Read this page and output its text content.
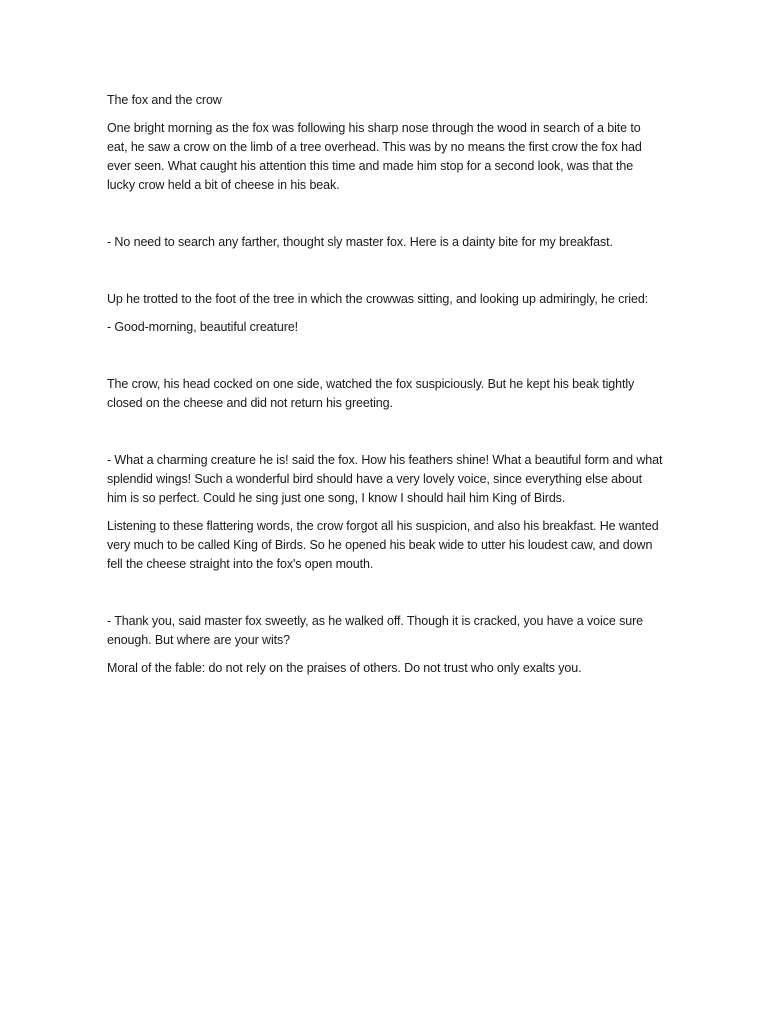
The fox and the crow

One bright morning as the fox was following his sharp nose through the wood in search of a bite to eat, he saw a crow on the limb of a tree overhead. This was by no means the first crow the fox had ever seen. What caught his attention this time and made him stop for a second look, was that the lucky crow held a bit of cheese in his beak.

- No need to search any farther, thought sly master fox. Here is a dainty bite for my breakfast.

Up he trotted to the foot of the tree in which the crowwas sitting, and looking up admiringly, he cried:

- Good-morning, beautiful creature!

The crow, his head cocked on one side, watched the fox suspiciously. But he kept his beak tightly closed on the cheese and did not return his greeting.

- What a charming creature he is! said the fox. How his feathers shine! What a beautiful form and what splendid wings! Such a wonderful bird should have a very lovely voice, since everything else about him is so perfect. Could he sing just one song, I know I should hail him King of Birds.

Listening to these flattering words, the crow forgot all his suspicion, and also his breakfast. He wanted very much to be called King of Birds. So he opened his beak wide to utter his loudest caw, and down fell the cheese straight into the fox's open mouth.

- Thank you, said master fox sweetly, as he walked off. Though it is cracked, you have a voice sure enough. But where are your wits?

Moral of the fable: do not rely on the praises of others. Do not trust who only exalts you.
